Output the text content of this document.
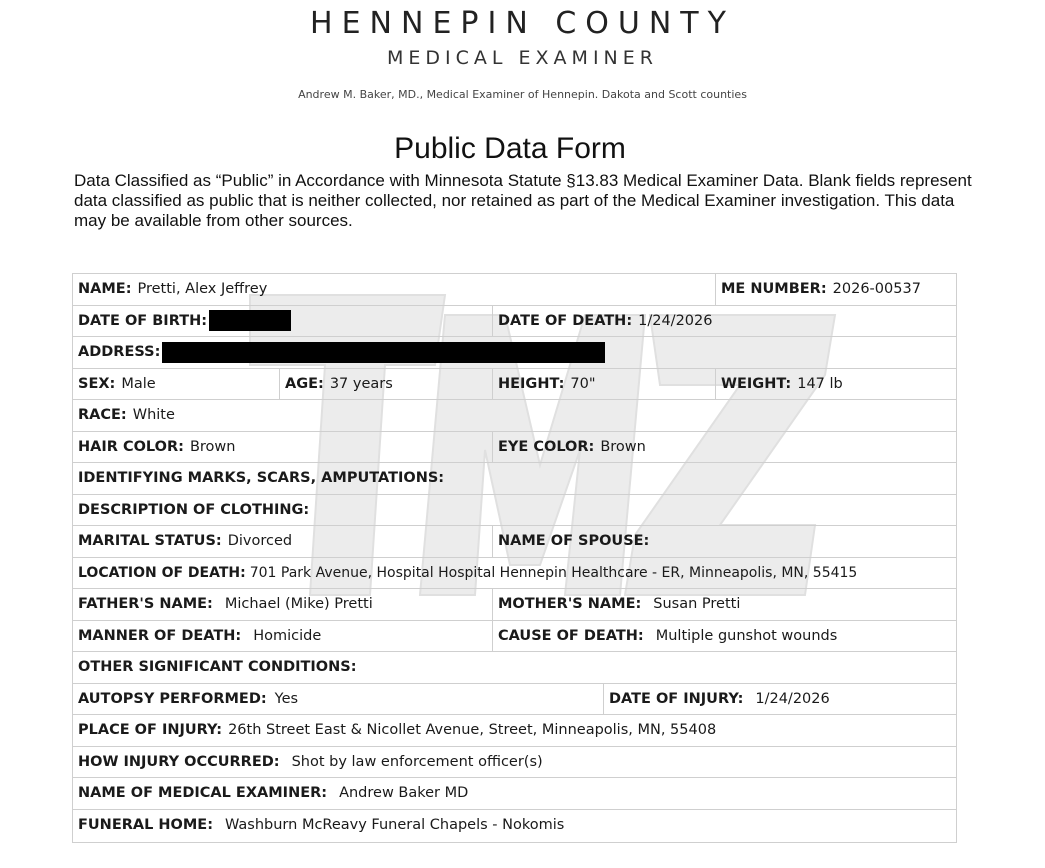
HENNEPIN COUNTY
MEDICAL EXAMINER
Andrew M. Baker, MD., Medical Examiner of Hennepin. Dakota and Scott counties
Public Data Form
Data Classified as “Public” in Accordance with Minnesota Statute §13.83 Medical Examiner Data. Blank fields represent data classified as public that is neither collected, nor retained as part of the Medical Examiner investigation. This data may be available from other sources.
NAME: Pretti, Alex Jeffrey	ME NUMBER: 2026-00537
DATE OF BIRTH:	DATE OF DEATH: 1/24/2026
ADDRESS:
SEX: Male	AGE: 37 years	HEIGHT: 70"	WEIGHT: 147 lb
RACE: White
HAIR COLOR: Brown	EYE COLOR: Brown
IDENTIFYING MARKS, SCARS, AMPUTATIONS:
DESCRIPTION OF CLOTHING:
MARITAL STATUS: Divorced	NAME OF SPOUSE:
LOCATION OF DEATH: 701 Park Avenue, Hospital Hospital Hennepin Healthcare - ER, Minneapolis, MN, 55415
FATHER'S NAME: Michael (Mike) Pretti	MOTHER'S NAME: Susan Pretti
MANNER OF DEATH: Homicide	CAUSE OF DEATH: Multiple gunshot wounds
OTHER SIGNIFICANT CONDITIONS:
AUTOPSY PERFORMED: Yes	DATE OF INJURY: 1/24/2026
PLACE OF INJURY: 26th Street East & Nicollet Avenue, Street, Minneapolis, MN, 55408
HOW INJURY OCCURRED: Shot by law enforcement officer(s)
NAME OF MEDICAL EXAMINER: Andrew Baker MD
FUNERAL HOME: Washburn McReavy Funeral Chapels - Nokomis
